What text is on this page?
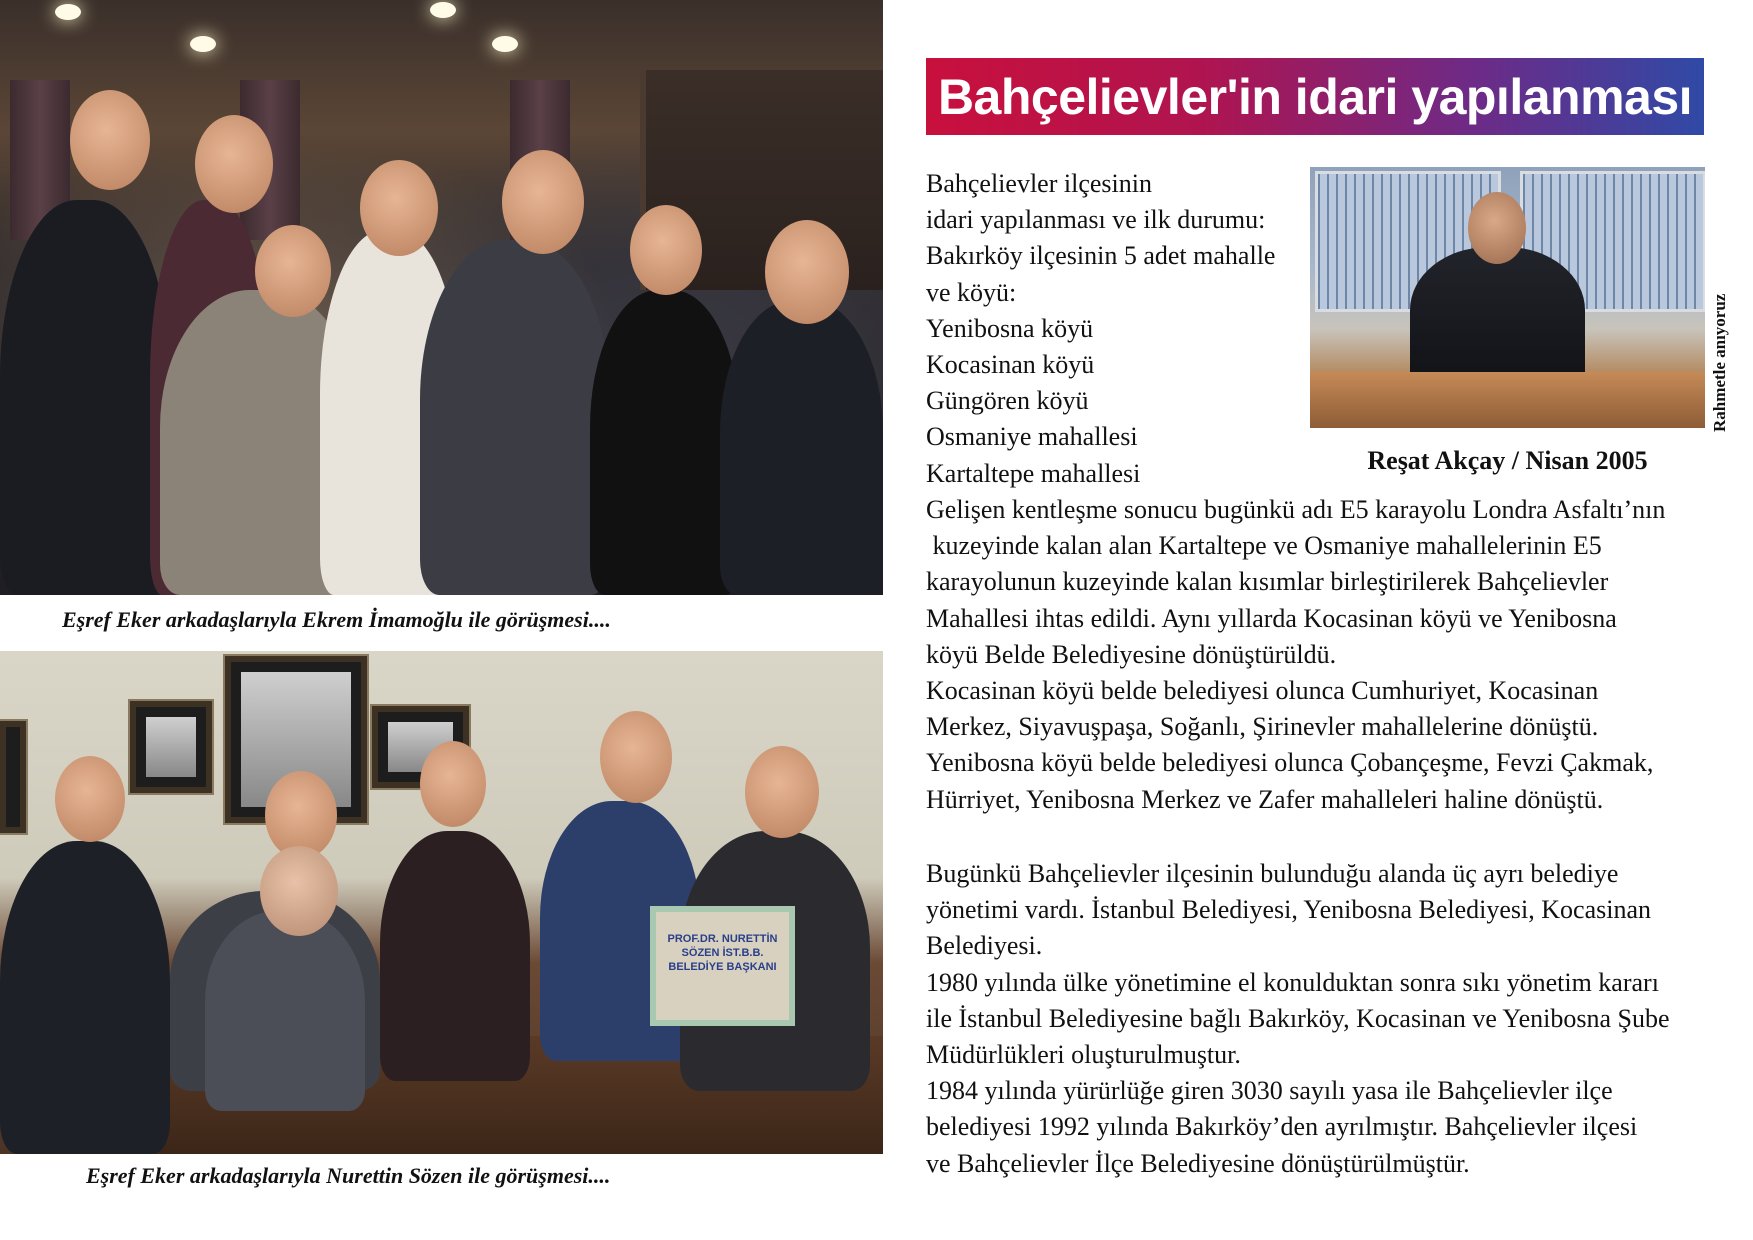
Eşref Eker arkadaşlarıyla Ekrem İmamoğlu ile görüşmesi....
PROF.DR. NURETTİN SÖZEN İST.B.B. BELEDİYE BAŞKANI
Eşref Eker arkadaşlarıyla Nurettin Sözen ile görüşmesi....
Bahçelievler'in idari yapılanması
Reşat Akçay / Nisan 2005
Rahmetle anıyoruz
Bahçelievler ilçesinin
idari yapılanması ve ilk durumu:
Bakırköy ilçesinin 5 adet mahalle
ve köyü:
Yenibosna köyü
Kocasinan köyü
Güngören köyü
Osmaniye mahallesi
Kartaltepe mahallesi
Gelişen kentleşme sonucu bugünkü adı E5 karayolu Londra Asfaltı’nın
kuzeyinde kalan alan Kartaltepe ve Osmaniye mahallelerinin E5
karayolunun kuzeyinde kalan kısımlar birleştirilerek Bahçelievler
Mahallesi ihtas edildi. Aynı yıllarda Kocasinan köyü ve Yenibosna
köyü Belde Belediyesine dönüştürüldü.
Kocasinan köyü belde belediyesi olunca Cumhuriyet, Kocasinan
Merkez, Siyavuşpaşa, Soğanlı, Şirinevler mahallelerine dönüştü.
Yenibosna köyü belde belediyesi olunca Çobançeşme, Fevzi Çakmak,
Hürriyet, Yenibosna Merkez ve Zafer mahalleleri haline dönüştü.
Bugünkü Bahçelievler ilçesinin bulunduğu alanda üç ayrı belediye
yönetimi vardı. İstanbul Belediyesi, Yenibosna Belediyesi, Kocasinan
Belediyesi.
1980 yılında ülke yönetimine el konulduktan sonra sıkı yönetim kararı
ile İstanbul Belediyesine bağlı Bakırköy, Kocasinan ve Yenibosna Şube
Müdürlükleri oluşturulmuştur.
1984 yılında yürürlüğe giren 3030 sayılı yasa ile Bahçelievler ilçe
belediyesi 1992 yılında Bakırköy’den ayrılmıştır. Bahçelievler ilçesi
ve Bahçelievler İlçe Belediyesine dönüştürülmüştür.
